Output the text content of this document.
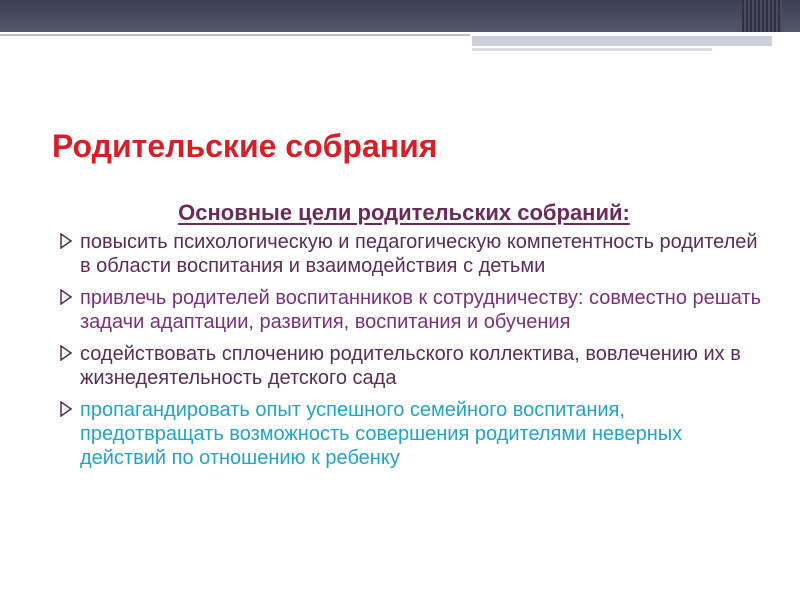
Родительские собрания
Основные цели родительских собраний:
повысить психологическую и педагогическую компетентность родителей в области воспитания и взаимодействия с детьми
привлечь родителей воспитанников к сотрудничеству: совместно решать задачи адаптации, развития, воспитания и обучения
содействовать сплочению родительского коллектива, вовлечению их в жизнедеятельность детского сада
пропагандировать опыт успешного семейного воспитания, предотвращать возможность совершения родителями неверных действий по отношению к ребенку
